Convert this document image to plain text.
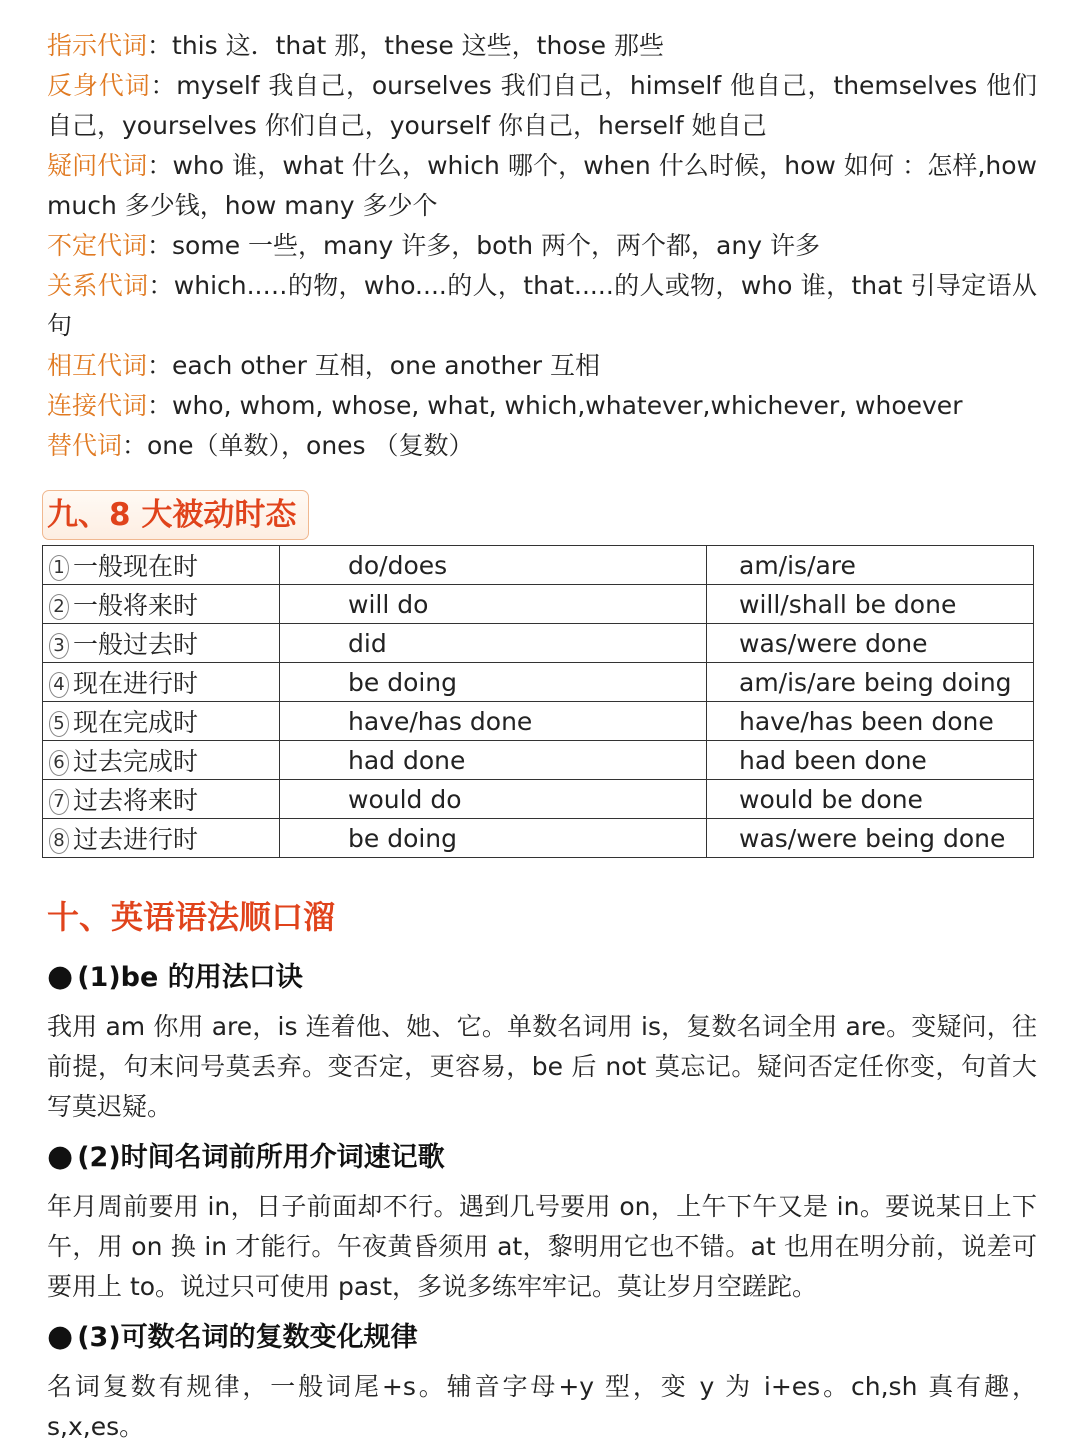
指示代词：this 这．that 那，these 这些，those 那些

反身代词：myself 我自己，ourselves 我们自己，himself 他自己，themselves 他们自己，yourselves 你们自己，yourself 你自己，herself 她自己

疑问代词：who 谁，what 什么，which 哪个，when 什么时候，how 如何 ：怎样,how much 多少钱，how many 多少个

不定代词：some 一些，many 许多，both 两个，两个都，any 许多

关系代词：which..…的物，who....的人，that.....的人或物，who 谁，that 引导定语从句

相互代词：each other 互相，one another 互相

连接代词：who, whom, whose, what, which,whatever,whichever, whoever

替代词：one（单数），ones （复数）

九、8 大被动时态
1 一般现在时	do/does	am/is/are
2 一般将来时	will do	will/shall be done
3 一般过去时	did	was/were done
4 现在进行时	be doing	am/is/are being doing
5 现在完成时	have/has done	have/has been done
6 过去完成时	had done	had been done
7 过去将来时	would do	would be done
8 过去进行时	be doing	was/were being done
十、英语语法顺口溜
● (1)be 的用法口诀

我用 am 你用 are，is 连着他、她、它。单数名词用 is，复数名词全用 are。变疑问，往前提，句末问号莫丢弃。变否定，更容易，be 后 not 莫忘记。疑问否定任你变，句首大写莫迟疑。

● (2)时间名词前所用介词速记歌

年月周前要用 in，日子前面却不行。遇到几号要用 on，上午下午又是 in。要说某日上下午，用 on 换 in 才能行。午夜黄昏须用 at，黎明用它也不错。at 也用在明分前，说差可要用上 to。说过只可使用 past，多说多练牢牢记。莫让岁月空蹉跎。

● (3)可数名词的复数变化规律

名词复数有规律，一般词尾+s。辅音字母+y 型，变 y 为 i+es。ch,sh 真有趣，s,x,es。
